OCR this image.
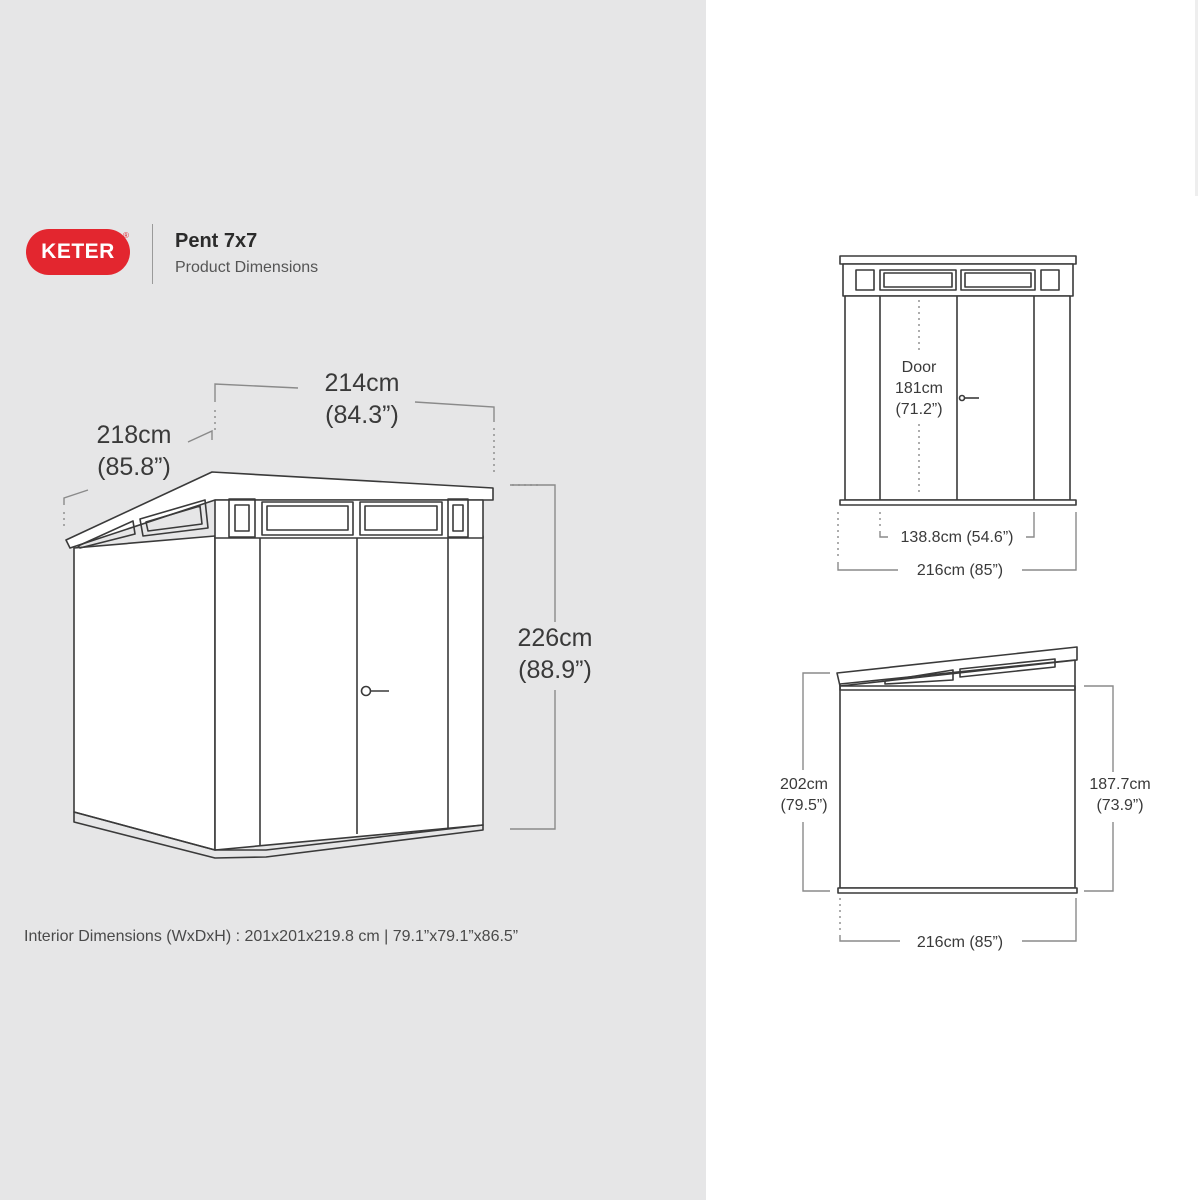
KETER
® Pent 7x7
Product Dimensions
214cm
(84.3”)
218cm
(85.8”)
226cm
(88.9”)
Door
181cm
(71.2”)
138.8cm (54.6”)
216cm (85”)
202cm
(79.5”)
187.7cm
(73.9”)
216cm (85”)
Interior Dimensions (WxDxH) : 201x201x219.8 cm | 79.1”x79.1”x86.5”
